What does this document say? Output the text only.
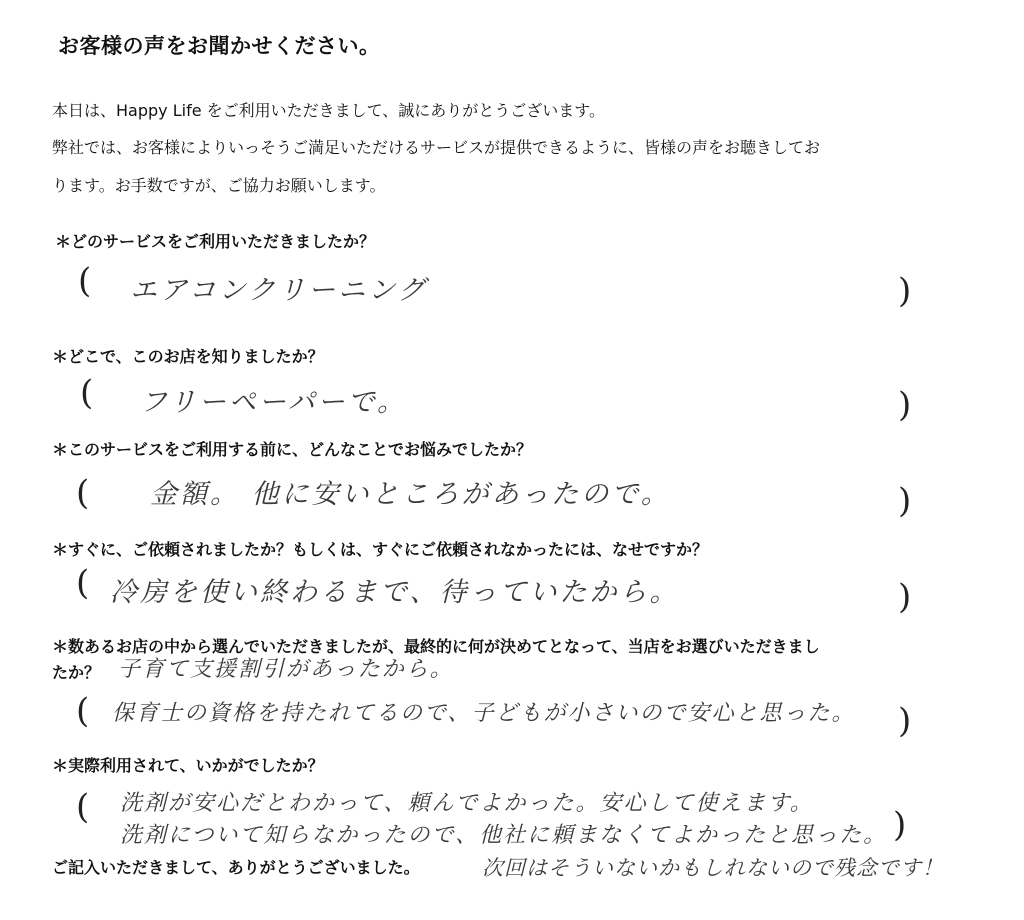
お客様の声をお聞かせください。
本日は、Happy Life をご利用いただきまして、誠にありがとうございます。
弊社では、お客様によりいっそうご満足いただけるサービスが提供できるように、皆様の声をお聴きしてお
ります。お手数ですが、ご協力お願いします。
＊どのサービスをご利用いただきましたか？
( エアコンクリーニング	)
＊どこで、このお店を知りましたか？
( フリーペーパーで。	)
＊このサービスをご利用する前に、どんなことでお悩みでしたか？
( 金額。 他に安いところがあったので。	)
＊すぐに、ご依頼されましたか？もしくは、すぐにご依頼されなかったには、なせですか？
( 冷房を使い終わるまで、待っていたから。	)
＊数あるお店の中から選んでいただきましたが、最終的に何が決めてとなって、当店をお選びいただきまし
たか？ 子育て支援割引があったから。
( 保育士の資格を持たれてるので、子どもが小さいので安心と思った。 )
＊実際利用されて、いかがでしたか？
( 洗剤が安心だとわかって、頼んでよかった。安心して使えます。
洗剤について知らなかったので、他社に頼まなくてよかったと思った。 )
ご記入いただきまして、ありがとうございました。	次回はそういないかもしれないので残念です！
